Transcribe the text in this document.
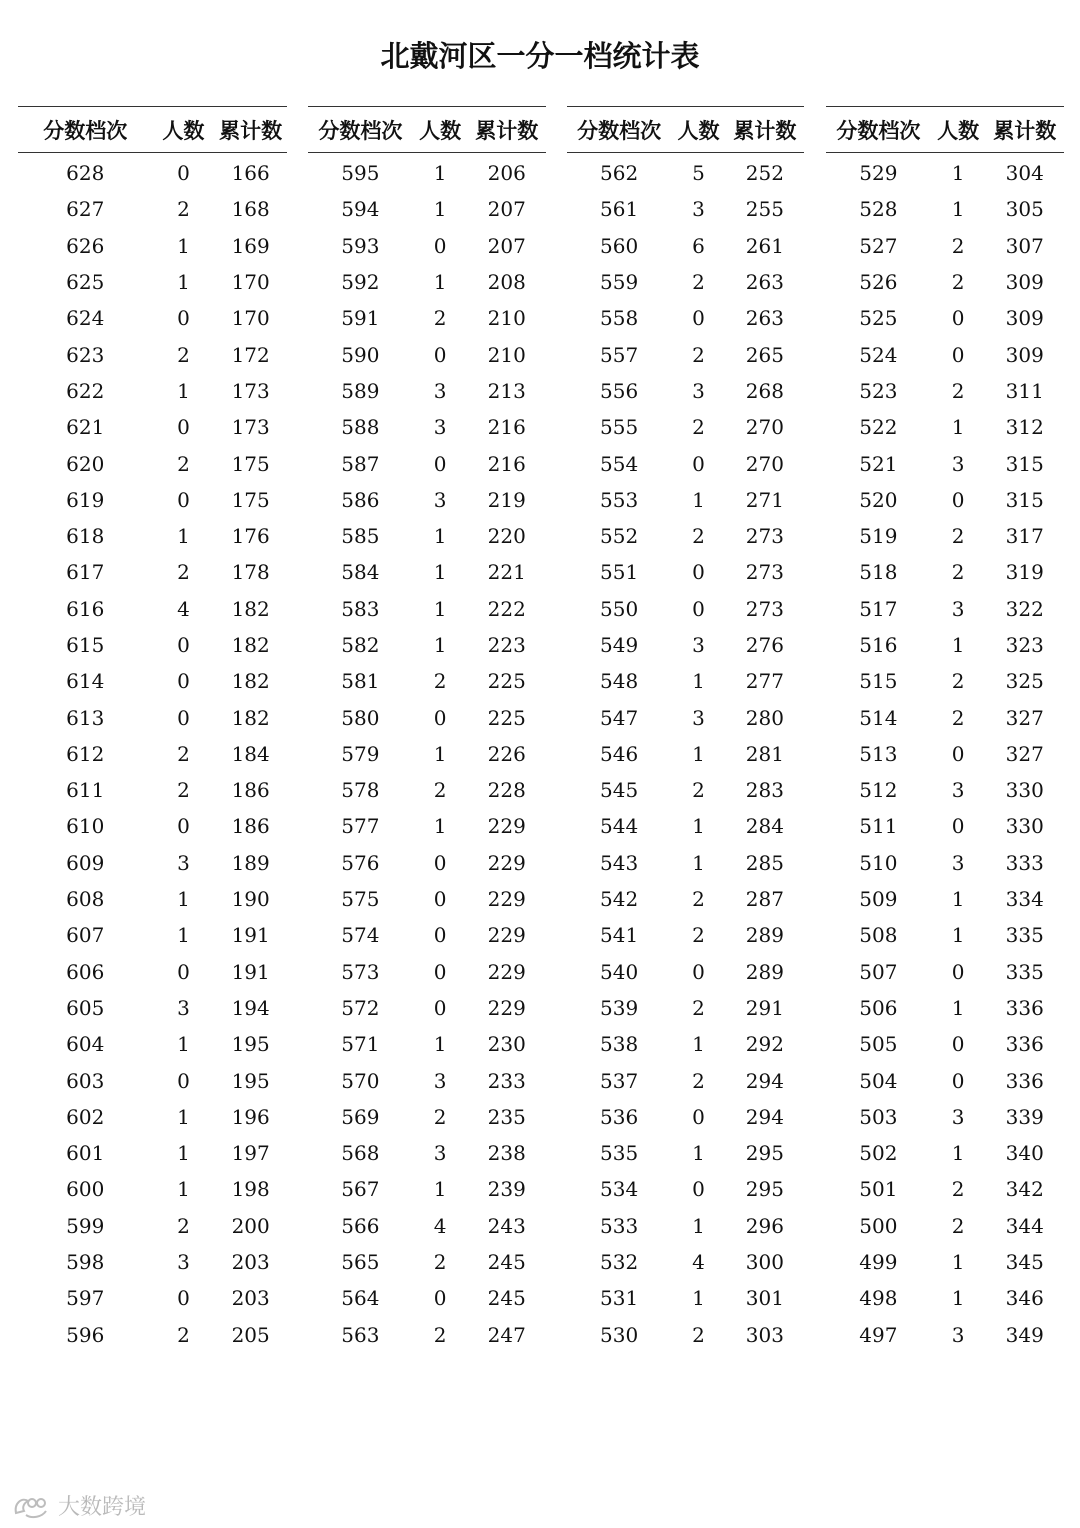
北戴河区一分一档统计表
分数档次	人数	累计数
628	0	166
627	2	168
626	1	169
625	1	170
624	0	170
623	2	172
622	1	173
621	0	173
620	2	175
619	0	175
618	1	176
617	2	178
616	4	182
615	0	182
614	0	182
613	0	182
612	2	184
611	2	186
610	0	186
609	3	189
608	1	190
607	1	191
606	0	191
605	3	194
604	1	195
603	0	195
602	1	196
601	1	197
600	1	198
599	2	200
598	3	203
597	0	203
596	2	205
分数档次	人数	累计数
595	1	206
594	1	207
593	0	207
592	1	208
591	2	210
590	0	210
589	3	213
588	3	216
587	0	216
586	3	219
585	1	220
584	1	221
583	1	222
582	1	223
581	2	225
580	0	225
579	1	226
578	2	228
577	1	229
576	0	229
575	0	229
574	0	229
573	0	229
572	0	229
571	1	230
570	3	233
569	2	235
568	3	238
567	1	239
566	4	243
565	2	245
564	0	245
563	2	247
分数档次	人数	累计数
562	5	252
561	3	255
560	6	261
559	2	263
558	0	263
557	2	265
556	3	268
555	2	270
554	0	270
553	1	271
552	2	273
551	0	273
550	0	273
549	3	276
548	1	277
547	3	280
546	1	281
545	2	283
544	1	284
543	1	285
542	2	287
541	2	289
540	0	289
539	2	291
538	1	292
537	2	294
536	0	294
535	1	295
534	0	295
533	1	296
532	4	300
531	1	301
530	2	303
分数档次	人数	累计数
529	1	304
528	1	305
527	2	307
526	2	309
525	0	309
524	0	309
523	2	311
522	1	312
521	3	315
520	0	315
519	2	317
518	2	319
517	3	322
516	1	323
515	2	325
514	2	327
513	0	327
512	3	330
511	0	330
510	3	333
509	1	334
508	1	335
507	0	335
506	1	336
505	0	336
504	0	336
503	3	339
502	1	340
501	2	342
500	2	344
499	1	345
498	1	346
497	3	349
大数跨境
